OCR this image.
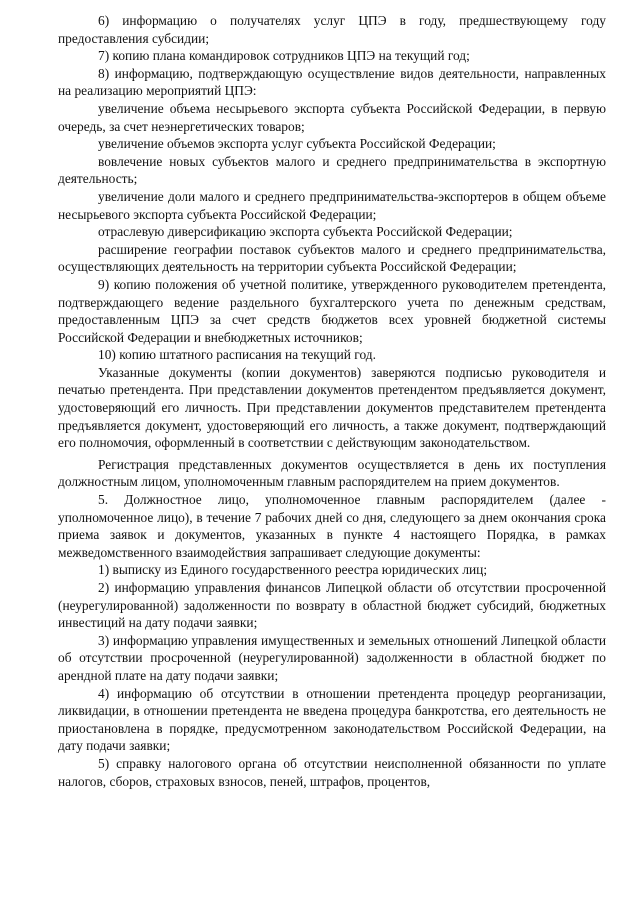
6) информацию о получателях услуг ЦПЭ в году, предшествующему году предоставления субсидии;

7) копию плана командировок сотрудников ЦПЭ на текущий год;

8) информацию, подтверждающую осуществление видов деятельности, направленных на реализацию мероприятий ЦПЭ:

увеличение объема несырьевого экспорта субъекта Российской Федерации, в первую очередь, за счет неэнергетических товаров;

увеличение объемов экспорта услуг субъекта Российской Федерации;

вовлечение новых субъектов малого и среднего предпринимательства в экспортную деятельность;

увеличение доли малого и среднего предпринимательства-экспортеров в общем объеме несырьевого экспорта субъекта Российской Федерации;

отраслевую диверсификацию экспорта субъекта Российской Федерации;

расширение географии поставок субъектов малого и среднего предпринимательства, осуществляющих деятельность на территории субъекта Российской Федерации;

9) копию положения об учетной политике, утвержденного руководителем претендента, подтверждающего ведение раздельного бухгалтерского учета по денежным средствам, предоставленным ЦПЭ за счет средств бюджетов всех уровней бюджетной системы Российской Федерации и внебюджетных источников;

10) копию штатного расписания на текущий год.

Указанные документы (копии документов) заверяются подписью руководителя и печатью претендента. При представлении документов претендентом предъявляется документ, удостоверяющий его личность. При представлении документов представителем претендента предъявляется документ, удостоверяющий его личность, а также документ, подтверждающий его полномочия, оформленный в соответствии с действующим законодательством.

Регистрация представленных документов осуществляется в день их поступления должностным лицом, уполномоченным главным распорядителем на прием документов.

5. Должностное лицо, уполномоченное главным распорядителем (далее - уполномоченное лицо), в течение 7 рабочих дней со дня, следующего за днем окончания срока приема заявок и документов, указанных в пункте 4 настоящего Порядка, в рамках межведомственного взаимодействия запрашивает следующие документы:

1) выписку из Единого государственного реестра юридических лиц;

2) информацию управления финансов Липецкой области об отсутствии просроченной (неурегулированной) задолженности по возврату в областной бюджет субсидий, бюджетных инвестиций на дату подачи заявки;

3) информацию управления имущественных и земельных отношений Липецкой области об отсутствии просроченной (неурегулированной) задолженности в областной бюджет по арендной плате на дату подачи заявки;

4) информацию об отсутствии в отношении претендента процедур реорганизации, ликвидации, в отношении претендента не введена процедура банкротства, его деятельность не приостановлена в порядке, предусмотренном законодательством Российской Федерации, на дату подачи заявки;

5) справку налогового органа об отсутствии неисполненной обязанности по уплате налогов, сборов, страховых взносов, пеней, штрафов, процентов,
